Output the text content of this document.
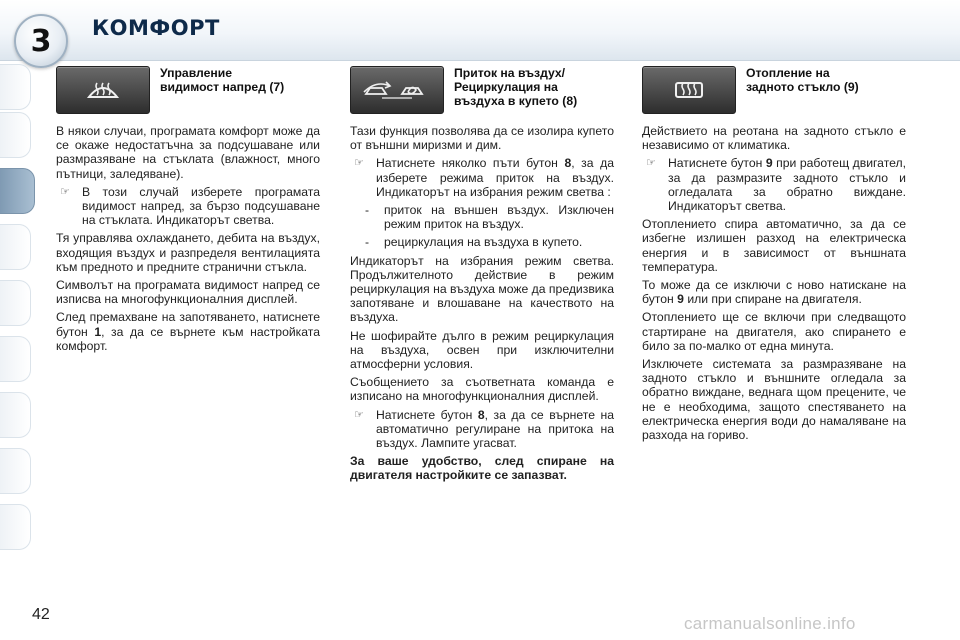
3	КОМФОРТ
Управление
видимост напред (7)

В някои случаи, програмата комфорт може да се окаже недостатъчна за подсушаване или размразяване на стъклата (влажност, много пътници, заледяване).

☞ В този случай изберете програмата видимост напред, за бързо подсушаване на стъклата. Индикаторът светва.

Тя управлява охлаждането, дебита на въздух, входящия въздух и разпределя вентилацията към предното и предните странични стъкла.

Символът на програмата видимост напред се изписва на многофункционалния дисплей.

След премахване на запотяването, натиснете бутон 1, за да се върнете към настройката комфорт.

Приток на въздух/
Рециркулация на
въздуха в купето (8)

Тази функция позволява да се изолира купето от външни миризми и дим.

☞ Натиснете няколко пъти бутон 8, за да изберете режима приток на въздух. Индикаторът на избрания режим светва :
-	приток на външен въздух. Изключен режим приток на въздух.
-	рециркулация на въздуха в купето.

Индикаторът на избрания режим светва. Продължителното действие в режим рециркулация на въздуха може да предизвика запотяване и влошаване на качеството на въздуха.

Не шофирайте дълго в режим рециркулация на въздуха, освен при изключителни атмосферни условия.

Съобщението за съответната команда е изписано на многофункционалния дисплей.

☞ Натиснете бутон 8, за да се върнете на автоматично регулиране на притока на въздух. Лампите угасват.

За ваше удобство, след спиране на двигателя настройките се запазват.

Отопление на
задното стъкло (9)

Действието на реотана на задното стъкло е независимо от климатика.

☞ Натиснете бутон 9 при работещ двигател, за да размразите задното стъкло и огледалата за обратно виждане. Индикаторът светва.

Отоплението спира автоматично, за да се избегне излишен разход на електрическа енергия и в зависимост от външната температура.

То може да се изключи с ново натискане на бутон 9 или при спиране на двигателя.

Отоплението ще се включи при следващото стартиране на двигателя, ако спирането е било за по-малко от една минута.

Изключете системата за размразяване на задното стъкло и външните огледала за обратно виждане, веднага щом прецените, че не е необходима, защото спестяването на електрическа енергия води до намаляване на разхода на гориво.

42	carmanualsonline.info
